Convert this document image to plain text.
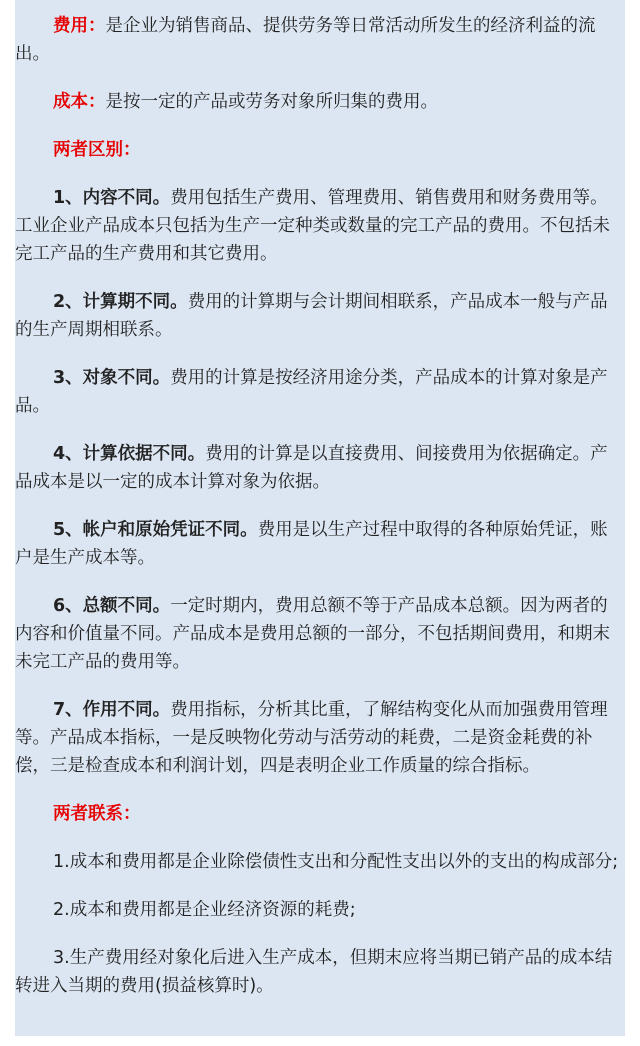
费用：是企业为销售商品、提供劳务等日常活动所发生的经济利益的流出。

成本：是按一定的产品或劳务对象所归集的费用。

两者区别：

1、内容不同。费用包括生产费用、管理费用、销售费用和财务费用等。工业企业产品成本只包括为生产一定种类或数量的完工产品的费用。不包括未完工产品的生产费用和其它费用。

2、计算期不同。费用的计算期与会计期间相联系，产品成本一般与产品的生产周期相联系。

3、对象不同。费用的计算是按经济用途分类，产品成本的计算对象是产品。

4、计算依据不同。费用的计算是以直接费用、间接费用为依据确定。产品成本是以一定的成本计算对象为依据。

5、帐户和原始凭证不同。费用是以生产过程中取得的各种原始凭证，账户是生产成本等。

6、总额不同。一定时期内，费用总额不等于产品成本总额。因为两者的内容和价值量不同。产品成本是费用总额的一部分，不包括期间费用，和期末未完工产品的费用等。

7、作用不同。费用指标，分析其比重，了解结构变化从而加强费用管理等。产品成本指标，一是反映物化劳动与活劳动的耗费，二是资金耗费的补偿，三是检查成本和利润计划，四是表明企业工作质量的综合指标。

两者联系：

1.成本和费用都是企业除偿债性支出和分配性支出以外的支出的构成部分;

2.成本和费用都是企业经济资源的耗费;

3.生产费用经对象化后进入生产成本，但期末应将当期已销产品的成本结转进入当期的费用(损益核算时)。
